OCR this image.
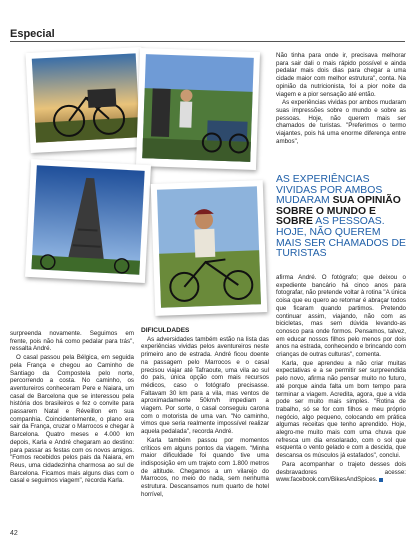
Especial

Não tinha para onde ir, precisava melhorar para sair dali o mais rápido possível e ainda pedalar mais dois dias para chegar a uma cidade maior com melhor estrutura", conta. Na opinião da nutricionista, foi a pior noite da viagem e a pior sensação até então.

As experiências vividas por ambos mudaram suas impressões sobre o mundo e sobre as pessoas. Hoje, não querem mais ser chamados de turistas. "Preferimos o termo viajantes, pois há uma enorme diferença entre ambos",

AS EXPERIÊNCIAS VIVIDAS POR AMBOS MUDARAM SUA OPINIÃO SOBRE O MUNDO E SOBRE AS PESSOAS. HOJE, NÃO QUEREM MAIS SER CHAMADOS DE TURISTAS

afirma André. O fotógrafo; que deixou o expediente bancário há cinco anos para fotografar, não pretende voltar à rotina "A única coisa que eu quero ao retornar é abraçar todos que ficaram quando partimos. Pretendo continuar assim, viajando, não com as bicicletas, mas sem dúvida levando-as conosco para onde formos. Pensamos, talvez, em educar nossos filhos pelo menos por dois anos na estrada, conhecendo e brincando com crianças de outras culturas", comenta.

Karla, que aprendeu a não criar muitas expectativas e a se permitir ser surpreendida pelo novo, afirma não pensar muito no futuro, até porque ainda falta um bom tempo para terminar a viagem. Acredita, agora, que a vida pode ser muito mais simples. "Rotina de trabalho, só se for com filhos e meu próprio negócio, algo pequeno, colocando em prática algumas receitas que tenho aprendido. Hoje, alegro-me muito mais com uma chuva que refresca um dia ensolarado, com o sol que esquenta o vento gelado e com a descida, que descansa os músculos já estafados", conclui.

Para acompanhar o trajeto desses dois desbravadores acesse: www.facebook.com/BikesAndSpices.

surpreenda novamente. Seguimos em frente, pois não há como pedalar para trás", ressalta André.

O casal passou pela Bélgica, em seguida pela França e chegou ao Caminho de Santiago da Compostela pelo norte, percorrendo a costa. No caminho, os aventureiros conheceram Pere e Naiara, um casal de Barcelona que se interessou pela história dos brasileiros e fez o convite para passarem Natal e Réveillon em sua companhia. Coincidentemente, o plano era sair da França, cruzar o Marrocos e chegar à Barcelona. Quatro meses e 4.000 km depois, Karla e André chegaram ao destino: para passar as festas com os novos amigos. "Fomos recebidos pelos pais da Naiara, em Reus, uma cidadezinha charmosa ao sul de Barcelona. Ficamos mais alguns dias com o casal e seguimos viagem", recorda Karla.

DIFICULDADES

As adversidades também estão na lista das experiências vividas pelos aventureiros neste primeiro ano de estrada. André ficou doente na passagem pelo Marrocos e o casal precisou viajar até Tafraoute, uma vila ao sul do país, única opção com mais recursos médicos, caso o fotógrafo precisasse. Faltavam 30 km para a vila, mas ventos de aproximadamente 50km/h impediam a viagem. Por sorte, o casal conseguiu carona com o motorista de uma van. "No caminho, vimos que seria realmente impossível realizar aquela pedalada", recorda André.

Karla também passou por momentos críticos em alguns pontos da viagem. "Minha maior dificuldade foi quando tive uma indisposição em um trajeto com 1.800 metros de altitude. Chegamos a um vilarejo do Marrocos, no meio do nada, sem nenhuma estrutura. Descansamos num quarto de hotel horrível,

42
